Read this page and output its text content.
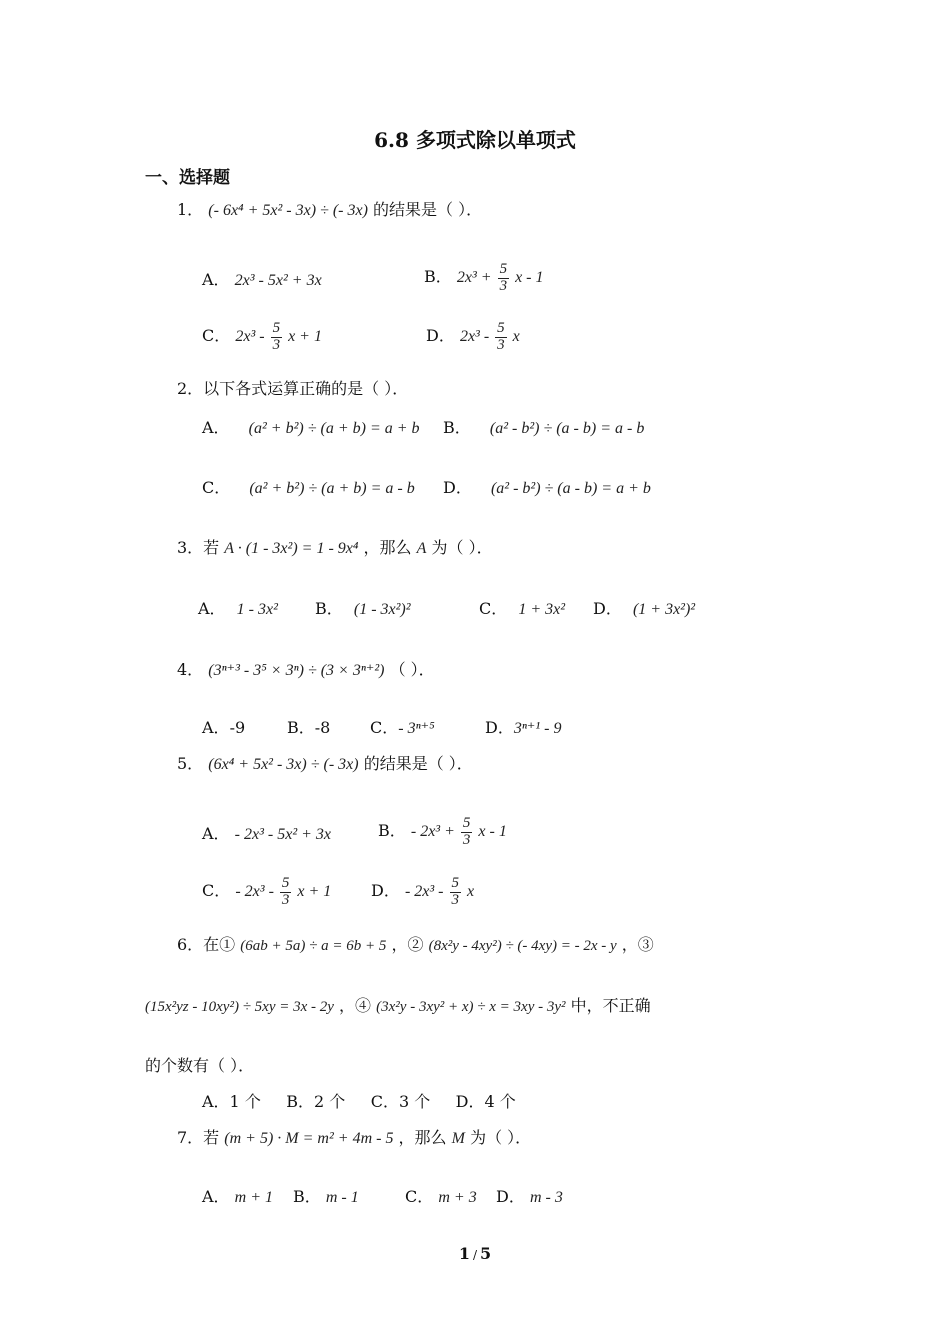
6.8 多项式除以单项式
一、选择题
1． (- 6x⁴ + 5x² - 3x) ÷ (- 3x) 的结果是（ ）．
A． 2x³ - 5x² + 3x	B． $2x^3 + \frac{5}{3}$ x - 1
C． $2x^3 - \frac{5}{3}$ x + 1	D． $2x^3 - \frac{5}{3}$ x
2．以下各式运算正确的是（ ）．
A． (a² + b²) ÷ (a + b) = a + b B． (a² - b²) ÷ (a - b) = a - b
C． (a² + b²) ÷ (a + b) = a - b D． (a² - b²) ÷ (a - b) = a + b
3．若 A · (1 - 3x²) = 1 - 9x⁴ ，那么 A 为（ ）．
A． 1 - 3x² B． (1 - 3x²)²	C． 1 + 3x² D． (1 + 3x²)²
4． (3ⁿ⁺³ - 3⁵ × 3ⁿ) ÷ (3 × 3ⁿ⁺²) （ ）．
A．-9	B．-8 C．- 3ⁿ⁺⁵	D．3ⁿ⁺¹ - 9
5． (6x⁴ + 5x² - 3x) ÷ (- 3x) 的结果是（ ）．
A． - 2x³ - 5x² + 3x	B． - $2x^3 + \frac{5}{3}$ x - 1
C． - $2x^3 - \frac{5}{3}$ x + 1 D． - $2x^3 - \frac{5}{3}$ x
6．在① (6ab + 5a) ÷ a = 6b + 5 ，② (8x²y - 4xy²) ÷ (- 4xy) = - 2x - y ，③
(15x²yz - 10xy²) ÷ 5xy = 3x - 2y ，④ (3x²y - 3xy² + x) ÷ x = 3xy - 3y² 中，不正确
的个数有（ ）．
A．1 个     B．2 个     C．3 个     D．4 个
7．若 (m + 5) · M = m² + 4m - 5 ，那么 M 为（ ）．
A． m + 1 B． m - 1	C． m + 3 D． m - 3
1 / 5
